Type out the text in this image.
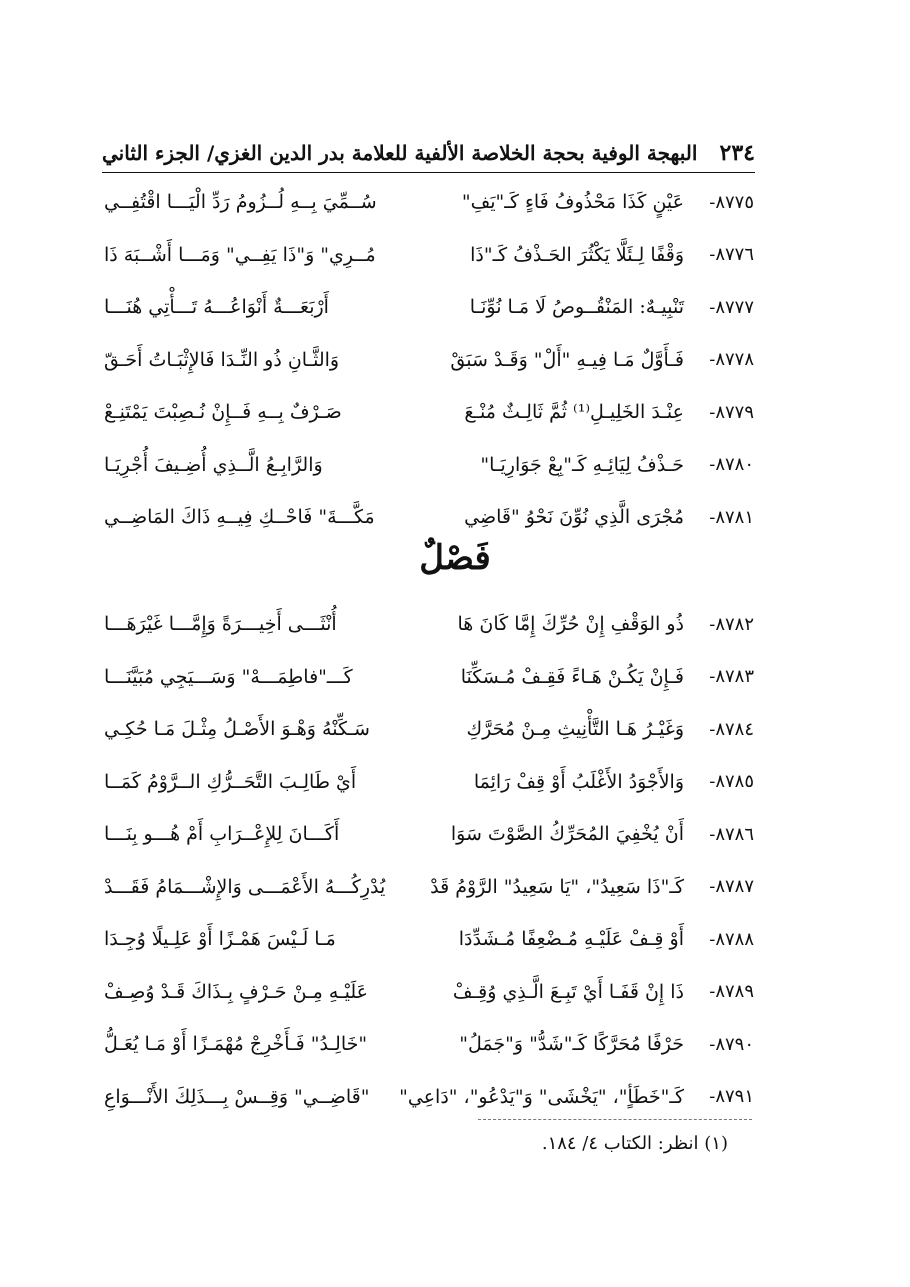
٢٣٤
البهجة الوفية بحجة الخلاصة الألفية للعلامة بدر الدين الغزي/ الجزء الثاني
٨٧٧٥-
عَيْنٍ كَذَا مَحْذُوفُ فَاءٍ كَـ"يَفِ"
سُــمِّيَ بِــهِ لُــزُومُ رَدِّ الْيَـــا اقْتُفِــي
٨٧٧٦-
وَقْفًا لِـئَلَّا يَكْثُرَ الحَـذْفُ كَـ"ذَا
مُــرِي" وَ"ذَا يَفِــي" وَمَـــا أَشْــبَهَ ذَا
٨٧٧٧-
تَنْبِيـهٌ: المَنْقُــوصُ لَا مَـا نُوِّنَـا
أَرْبَعَـــةٌ أَنْوَاعُـــهُ تَـــأْتِي هُنَـــا
٨٧٧٨-
فَـأَوَّلٌ مَـا فِيـهِ "أَلْ" وَقَـدْ سَبَقْ
وَالثَّـانِ ذُو النِّـدَا فَالإِثْبَـاتُ أَحَـقّ
٨٧٧٩-
عِنْـدَ الخَلِيـلِ⁽¹⁾ ثُمَّ ثَالِـثٌ مُنْـعَ
صَـرْفٌ بِــهِ فَــإِنْ نُـصِبْتَ يَمْتَنِـعْ
٨٧٨٠-
حَـذْفُ لِيَائِـهِ كَـ"بِعْ جَوَارِيَـا"
وَالرَّابِـعُ الَّــذِي أُضِـيفَ أُجْرِيَـا
٨٧٨١-
مُجْرَى الَّذِي نُوِّنَ نَحْوُ "قَاضِي
مَكَّـــةَ" فَاحْــكِ فِيــهِ ذَاكَ المَاضِــي
فَصْلٌ
٨٧٨٢-
ذُو الوَقْفِ إِنْ حُرِّكَ إِمَّا كَانَ هَا
أُنْثَـــى أَخِيـــرَةً وَإِمَّـــا غَيْرَهَـــا
٨٧٨٣-
فَـإِنْ يَكُـنْ هَـاءً فَقِـفْ مُـسَكِّنَا
كَـــ"فاطِمَـــهْ" وَسَـــيَجِي مُبَيَّنَـــا
٨٧٨٤-
وَغَيْـرُ هَـا التَّأْنِيثِ مِـنْ مُحَرَّكِ
سَـكِّنْهُ وَهْـوَ الأَصْـلُ مِثْـلَ مَـا حُكِـي
٨٧٨٥-
وَالأَجْوَدُ الأَغْلَبُ أَوْ قِفْ رَائِمَا
أَيْ طَالِـبَ التَّحَــرُّكِ الــرَّوْمُ كَمَــا
٨٧٨٦-
أَنْ يُخْفِيَ المُحَرِّكُ الصَّوْتَ سَوَا
أَكَـــانَ لِلإِعْــرَابِ أَمْ هُـــو بِنَـــا
٨٧٨٧-
كَـ"ذَا سَعِيدُ"، "يَا سَعِيدُ" الرَّوْمُ قَدْ
يُدْرِكُـــهُ الأَعْمَـــى وَالإِشْـــمَامُ فَقَـــدْ
٨٧٨٨-
أَوْ قِـفْ عَلَيْـهِ مُـضْعِفًا مُـشَدِّدَا
مَـا لَـيْسَ هَمْـزًا أَوْ عَلِـيلًا وُجِـدَا
٨٧٨٩-
ذَا إِنْ قَفَـا أَيْ تَبِـعَ الَّـذِي وُقِـفْ
عَلَيْـهِ مِـنْ حَـرْفٍ بِـذَاكَ قَـدْ وُصِـفْ
٨٧٩٠-
حَرْفًا مُحَرَّكًا كَـ"شَدُّ" وَ"جَمَلُ"
"خَالِـدُ" فَـأَخْرِجْ مُهْمَـزًا أَوْ مَـا يُعَـلُّ
٨٧٩١-
كَـ"خَطَأٍ"، "يَخْشَى" وَ"يَدْعُو"، "دَاعِي"
"قَاضِــي" وَقِــسْ بِـــذَلِكَ الأَنْـــوَاعِ
(١) انظر: الكتاب ٤/ ١٨٤.
